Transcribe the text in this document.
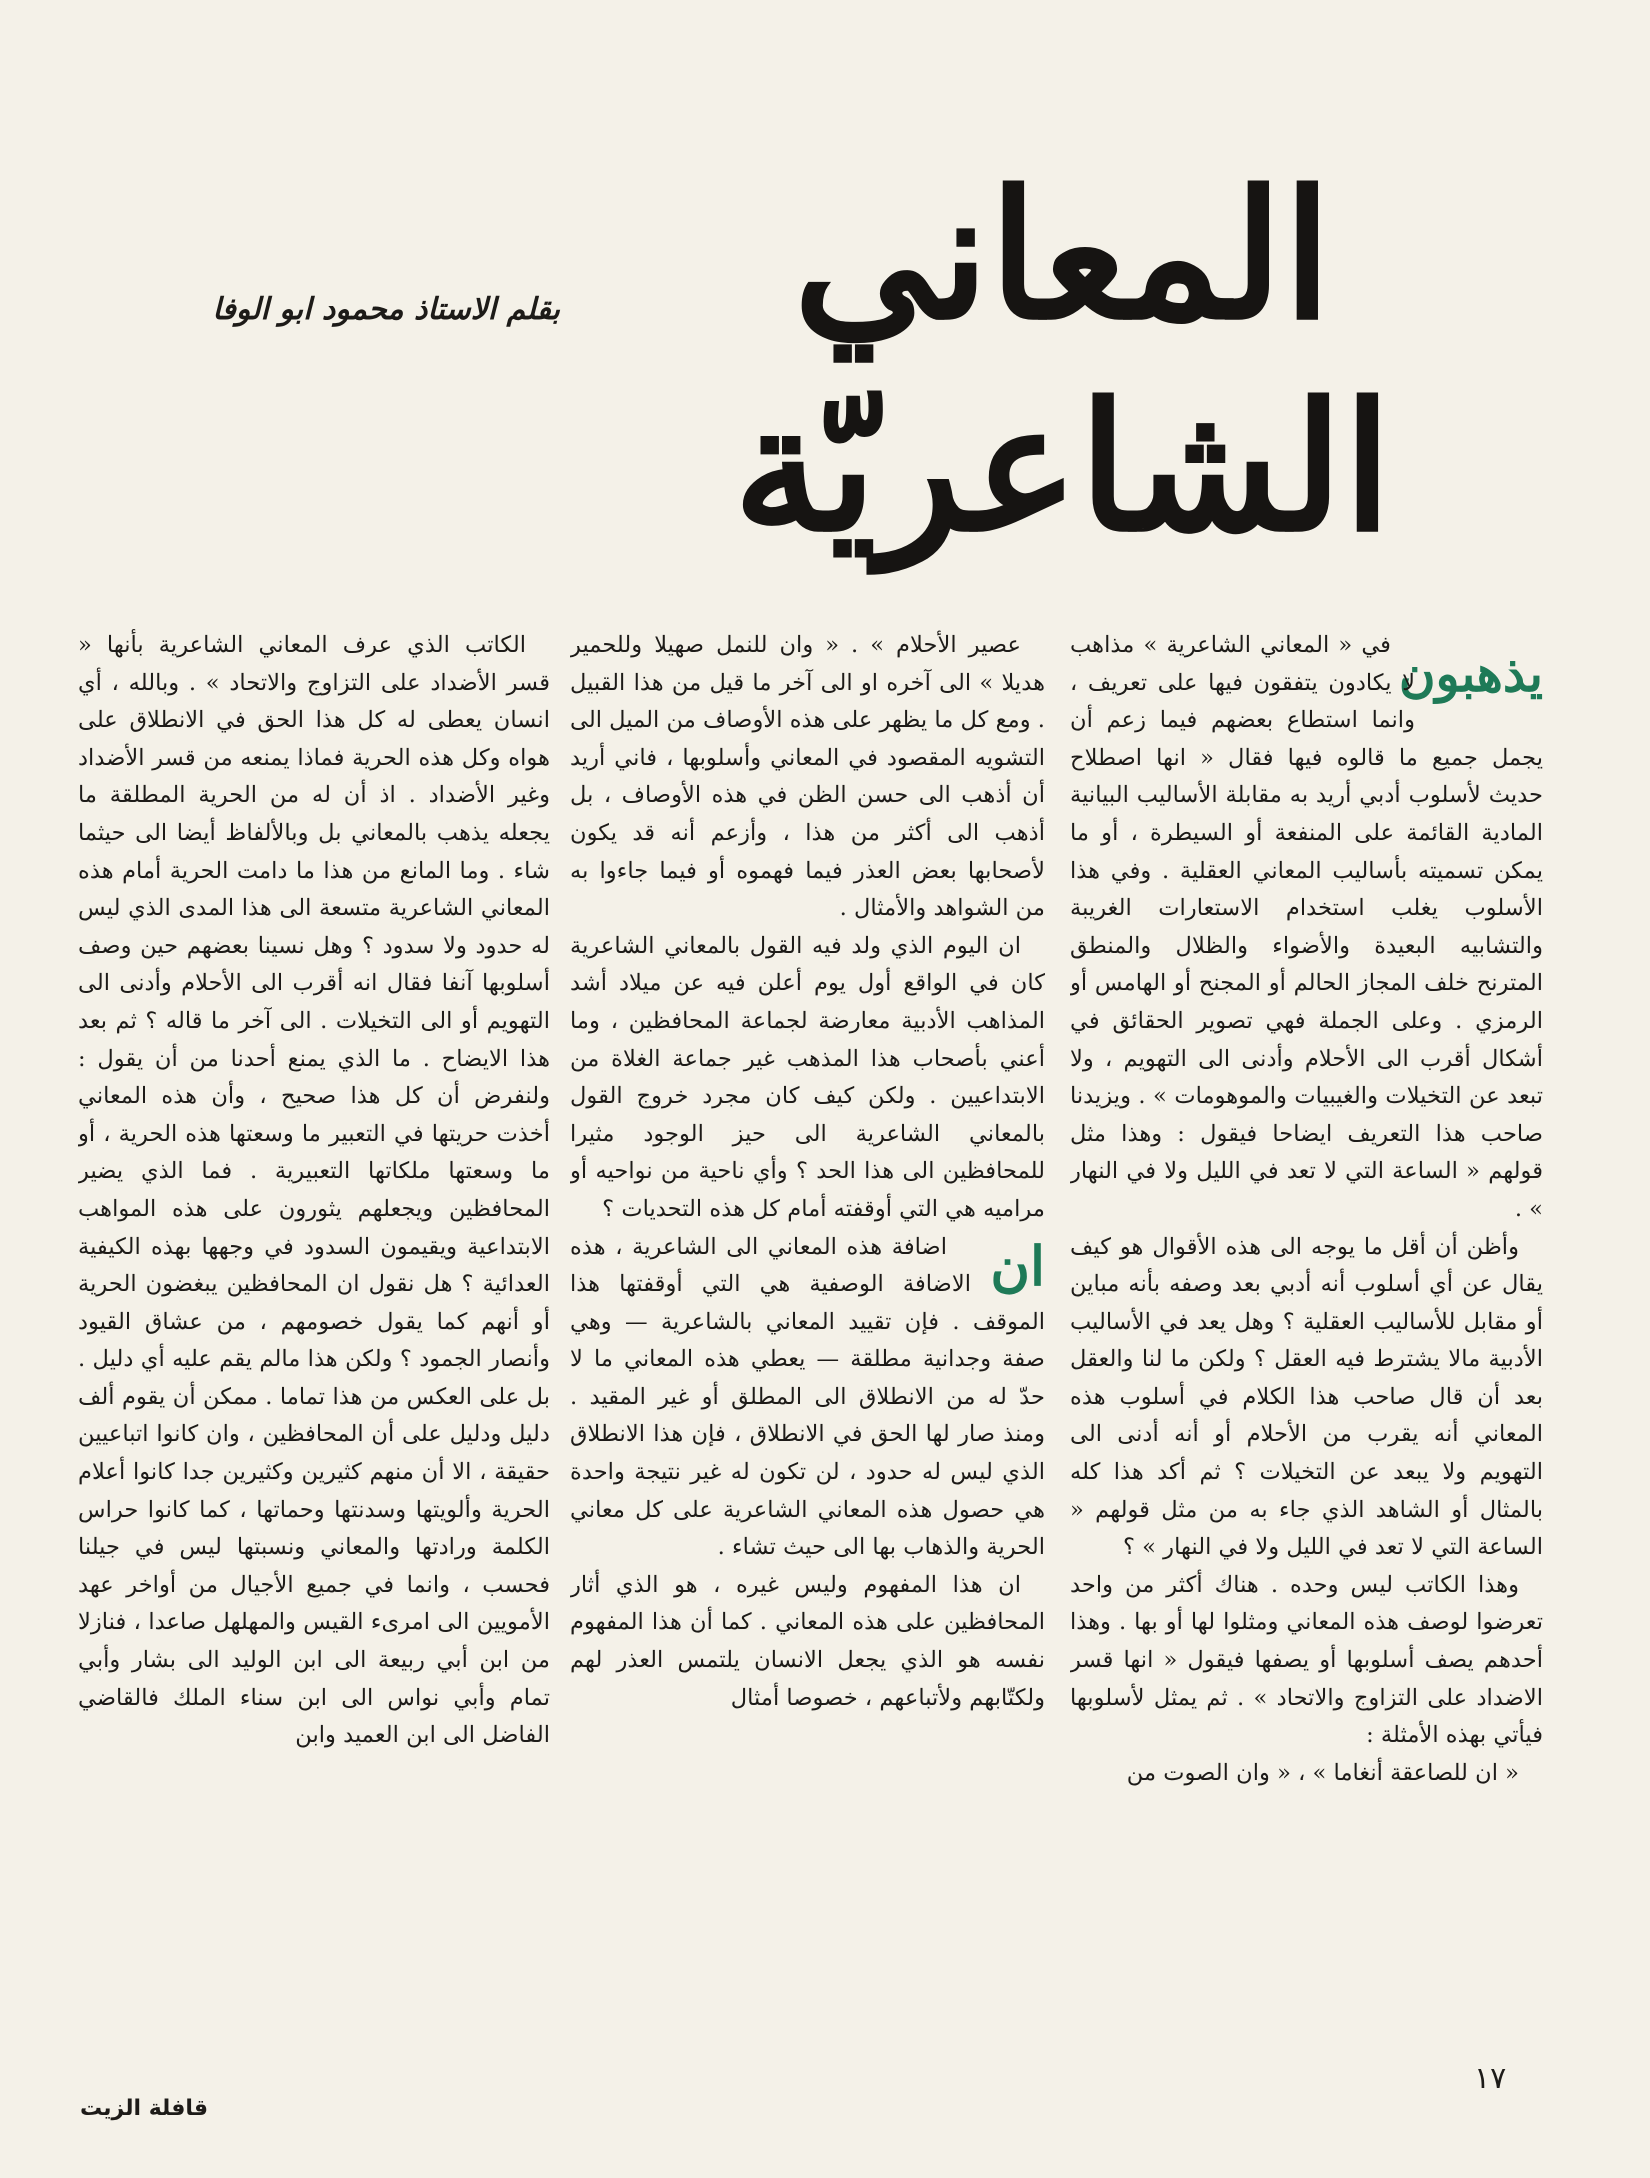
المعاني
الشاعريّة
بقلم الاستاذ محمود ابو الوفا
يذهبون

في « المعاني الشاعرية » مذاهب لا يكادون يتفقون فيها على تعريف ، وانما استطاع بعضهم فيما زعم أن يجمل جميع ما قالوه فيها فقال « انها اصطلاح حديث لأسلوب أدبي أريد به مقابلة الأساليب البيانية المادية القائمة على المنفعة أو السيطرة ، أو ما يمكن تسميته بأساليب المعاني العقلية . وفي هذا الأسلوب يغلب استخدام الاستعارات الغريبة والتشابيه البعيدة والأضواء والظلال والمنطق المترنح خلف المجاز الحالم أو المجنح أو الهامس أو الرمزي . وعلى الجملة فهي تصوير الحقائق في أشكال أقرب الى الأحلام وأدنى الى التهويم ، ولا تبعد عن التخيلات والغيبيات والموهومات » . ويزيدنا صاحب هذا التعريف ايضاحا فيقول : وهذا مثل قولهم « الساعة التي لا تعد في الليل ولا في النهار » .

وأظن أن أقل ما يوجه الى هذه الأقوال هو كيف يقال عن أي أسلوب أنه أدبي بعد وصفه بأنه مباين أو مقابل للأساليب العقلية ؟ وهل يعد في الأساليب الأدبية مالا يشترط فيه العقل ؟ ولكن ما لنا والعقل بعد أن قال صاحب هذا الكلام في أسلوب هذه المعاني أنه يقرب من الأحلام أو أنه أدنى الى التهويم ولا يبعد عن التخيلات ؟ ثم أكد هذا كله بالمثال أو الشاهد الذي جاء به من مثل قولهم « الساعة التي لا تعد في الليل ولا في النهار » ؟

وهذا الكاتب ليس وحده . هناك أكثر من واحد تعرضوا لوصف هذه المعاني ومثلوا لها أو بها . وهذا أحدهم يصف أسلوبها أو يصفها فيقول « انها قسر الاضداد على التزاوج والاتحاد » . ثم يمثل لأسلوبها فيأتي بهذه الأمثلة :

« ان للصاعقة أنغاما » ، « وان الصوت من

عصير الأحلام » . « وان للنمل صهيلا وللحمير هديلا » الى آخره او الى آخر ما قيل من هذا القبيل . ومع كل ما يظهر على هذه الأوصاف من الميل الى التشويه المقصود في المعاني وأسلوبها ، فاني أريد أن أذهب الى حسن الظن في هذه الأوصاف ، بل أذهب الى أكثر من هذا ، وأزعم أنه قد يكون لأصحابها بعض العذر فيما فهموه أو فيما جاءوا به من الشواهد والأمثال .

ان اليوم الذي ولد فيه القول بالمعاني الشاعرية كان في الواقع أول يوم أعلن فيه عن ميلاد أشد المذاهب الأدبية معارضة لجماعة المحافظين ، وما أعني بأصحاب هذا المذهب غير جماعة الغلاة من الابتداعيين . ولكن كيف كان مجرد خروج القول بالمعاني الشاعرية الى حيز الوجود مثيرا للمحافظين الى هذا الحد ؟ وأي ناحية من نواحيه أو مراميه هي التي أوقفته أمام كل هذه التحديات ؟

ان

اضافة هذه المعاني الى الشاعرية ، هذه الاضافة الوصفية هي التي أوقفتها هذا الموقف . فإن تقييد المعاني بالشاعرية — وهي صفة وجدانية مطلقة — يعطي هذه المعاني ما لا حدّ له من الانطلاق الى المطلق أو غير المقيد . ومنذ صار لها الحق في الانطلاق ، فإن هذا الانطلاق الذي ليس له حدود ، لن تكون له غير نتيجة واحدة هي حصول هذه المعاني الشاعرية على كل معاني الحرية والذهاب بها الى حيث تشاء .

ان هذا المفهوم وليس غيره ، هو الذي أثار المحافظين على هذه المعاني . كما أن هذا المفهوم نفسه هو الذي يجعل الانسان يلتمس العذر لهم ولكتّابهم ولأتباعهم ، خصوصا أمثال

الكاتب الذي عرف المعاني الشاعرية بأنها « قسر الأضداد على التزاوج والاتحاد » . وبالله ، أي انسان يعطى له كل هذا الحق في الانطلاق على هواه وكل هذه الحرية فماذا يمنعه من قسر الأضداد وغير الأضداد . اذ أن له من الحرية المطلقة ما يجعله يذهب بالمعاني بل وبالألفاظ أيضا الى حيثما شاء . وما المانع من هذا ما دامت الحرية أمام هذه المعاني الشاعرية متسعة الى هذا المدى الذي ليس له حدود ولا سدود ؟ وهل نسينا بعضهم حين وصف أسلوبها آنفا فقال انه أقرب الى الأحلام وأدنى الى التهويم أو الى التخيلات . الى آخر ما قاله ؟ ثم بعد هذا الايضاح . ما الذي يمنع أحدنا من أن يقول : ولنفرض أن كل هذا صحيح ، وأن هذه المعاني أخذت حريتها في التعبير ما وسعتها هذه الحرية ، أو ما وسعتها ملكاتها التعبيرية . فما الذي يضير المحافظين ويجعلهم يثورون على هذه المواهب الابتداعية ويقيمون السدود في وجهها بهذه الكيفية العدائية ؟ هل نقول ان المحافظين يبغضون الحرية أو أنهم كما يقول خصومهم ، من عشاق القيود وأنصار الجمود ؟ ولكن هذا مالم يقم عليه أي دليل . بل على العكس من هذا تماما . ممكن أن يقوم ألف دليل ودليل على أن المحافظين ، وان كانوا اتباعيين حقيقة ، الا أن منهم كثيرين وكثيرين جدا كانوا أعلام الحرية وألويتها وسدنتها وحماتها ، كما كانوا حراس الكلمة ورادتها والمعاني ونسبتها ليس في جيلنا فحسب ، وانما في جميع الأجيال من أواخر عهد الأمويين الى امرىء القيس والمهلهل صاعدا ، فنازلا من ابن أبي ربيعة الى ابن الوليد الى بشار وأبي تمام وأبي نواس الى ابن سناء الملك فالقاضي الفاضل الى ابن العميد وابن

١٧
قافلة الزيت
